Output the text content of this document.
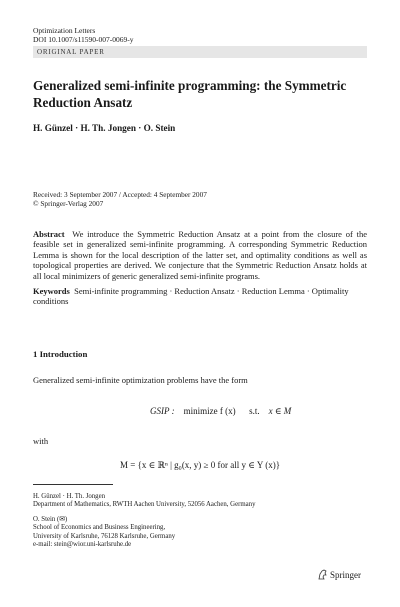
Optimization Letters
DOI 10.1007/s11590-007-0069-y
ORIGINAL PAPER
Generalized semi-infinite programming: the Symmetric Reduction Ansatz
H. Günzel · H. Th. Jongen · O. Stein
Received: 3 September 2007 / Accepted: 4 September 2007
© Springer-Verlag 2007
Abstract We introduce the Symmetric Reduction Ansatz at a point from the closure of the feasible set in generalized semi-infinite programming. A corresponding Symmetric Reduction Lemma is shown for the local description of the latter set, and optimality conditions as well as topological properties are derived. We conjecture that the Symmetric Reduction Ansatz holds at all local minimizers of generic generalized semi-infinite programs.
Keywords Semi-infinite programming · Reduction Ansatz · Reduction Lemma · Optimality conditions
1 Introduction
Generalized semi-infinite optimization problems have the form
GSIP : minimize f (x) s.t. x ∈ M
with
M = {x ∈ ℝⁿ | g₀(x, y) ≥ 0 for all y ∈ Y (x)}
H. Günzel · H. Th. Jongen
Department of Mathematics, RWTH Aachen University, 52056 Aachen, Germany
O. Stein (✉)
School of Economics and Business Engineering,
University of Karlsruhe, 76128 Karlsruhe, Germany
e-mail: stein@wior.uni-karlsruhe.de
Springer
